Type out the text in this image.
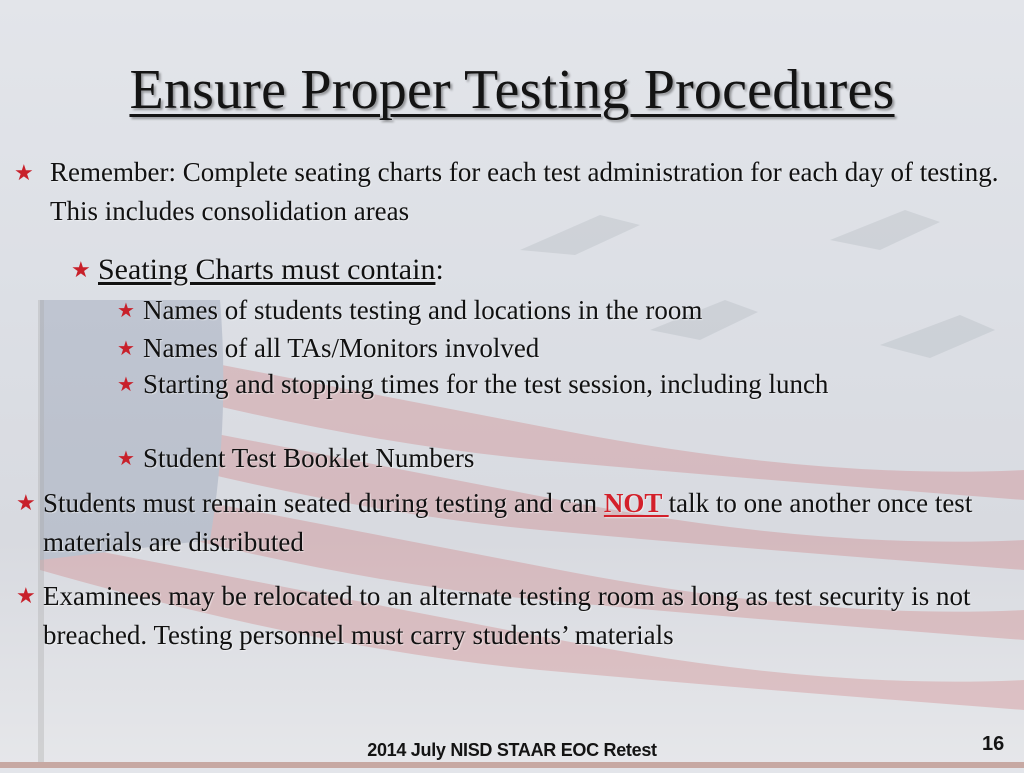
Ensure Proper Testing Procedures
★ Remember: Complete seating charts for each test administration for each day of testing. This includes consolidation areas
★ Seating Charts must contain:
★ Names of students testing and locations in the room
★ Names of all TAs/Monitors involved
★ Starting and stopping times for the test session, including lunch
★ Student Test Booklet Numbers
★ Students must remain seated during testing and can NOT talk to one another once test materials are distributed
★ Examinees may be relocated to an alternate testing room as long as test security is not breached. Testing personnel must carry students’ materials
2014 July NISD STAAR EOC Retest	16
